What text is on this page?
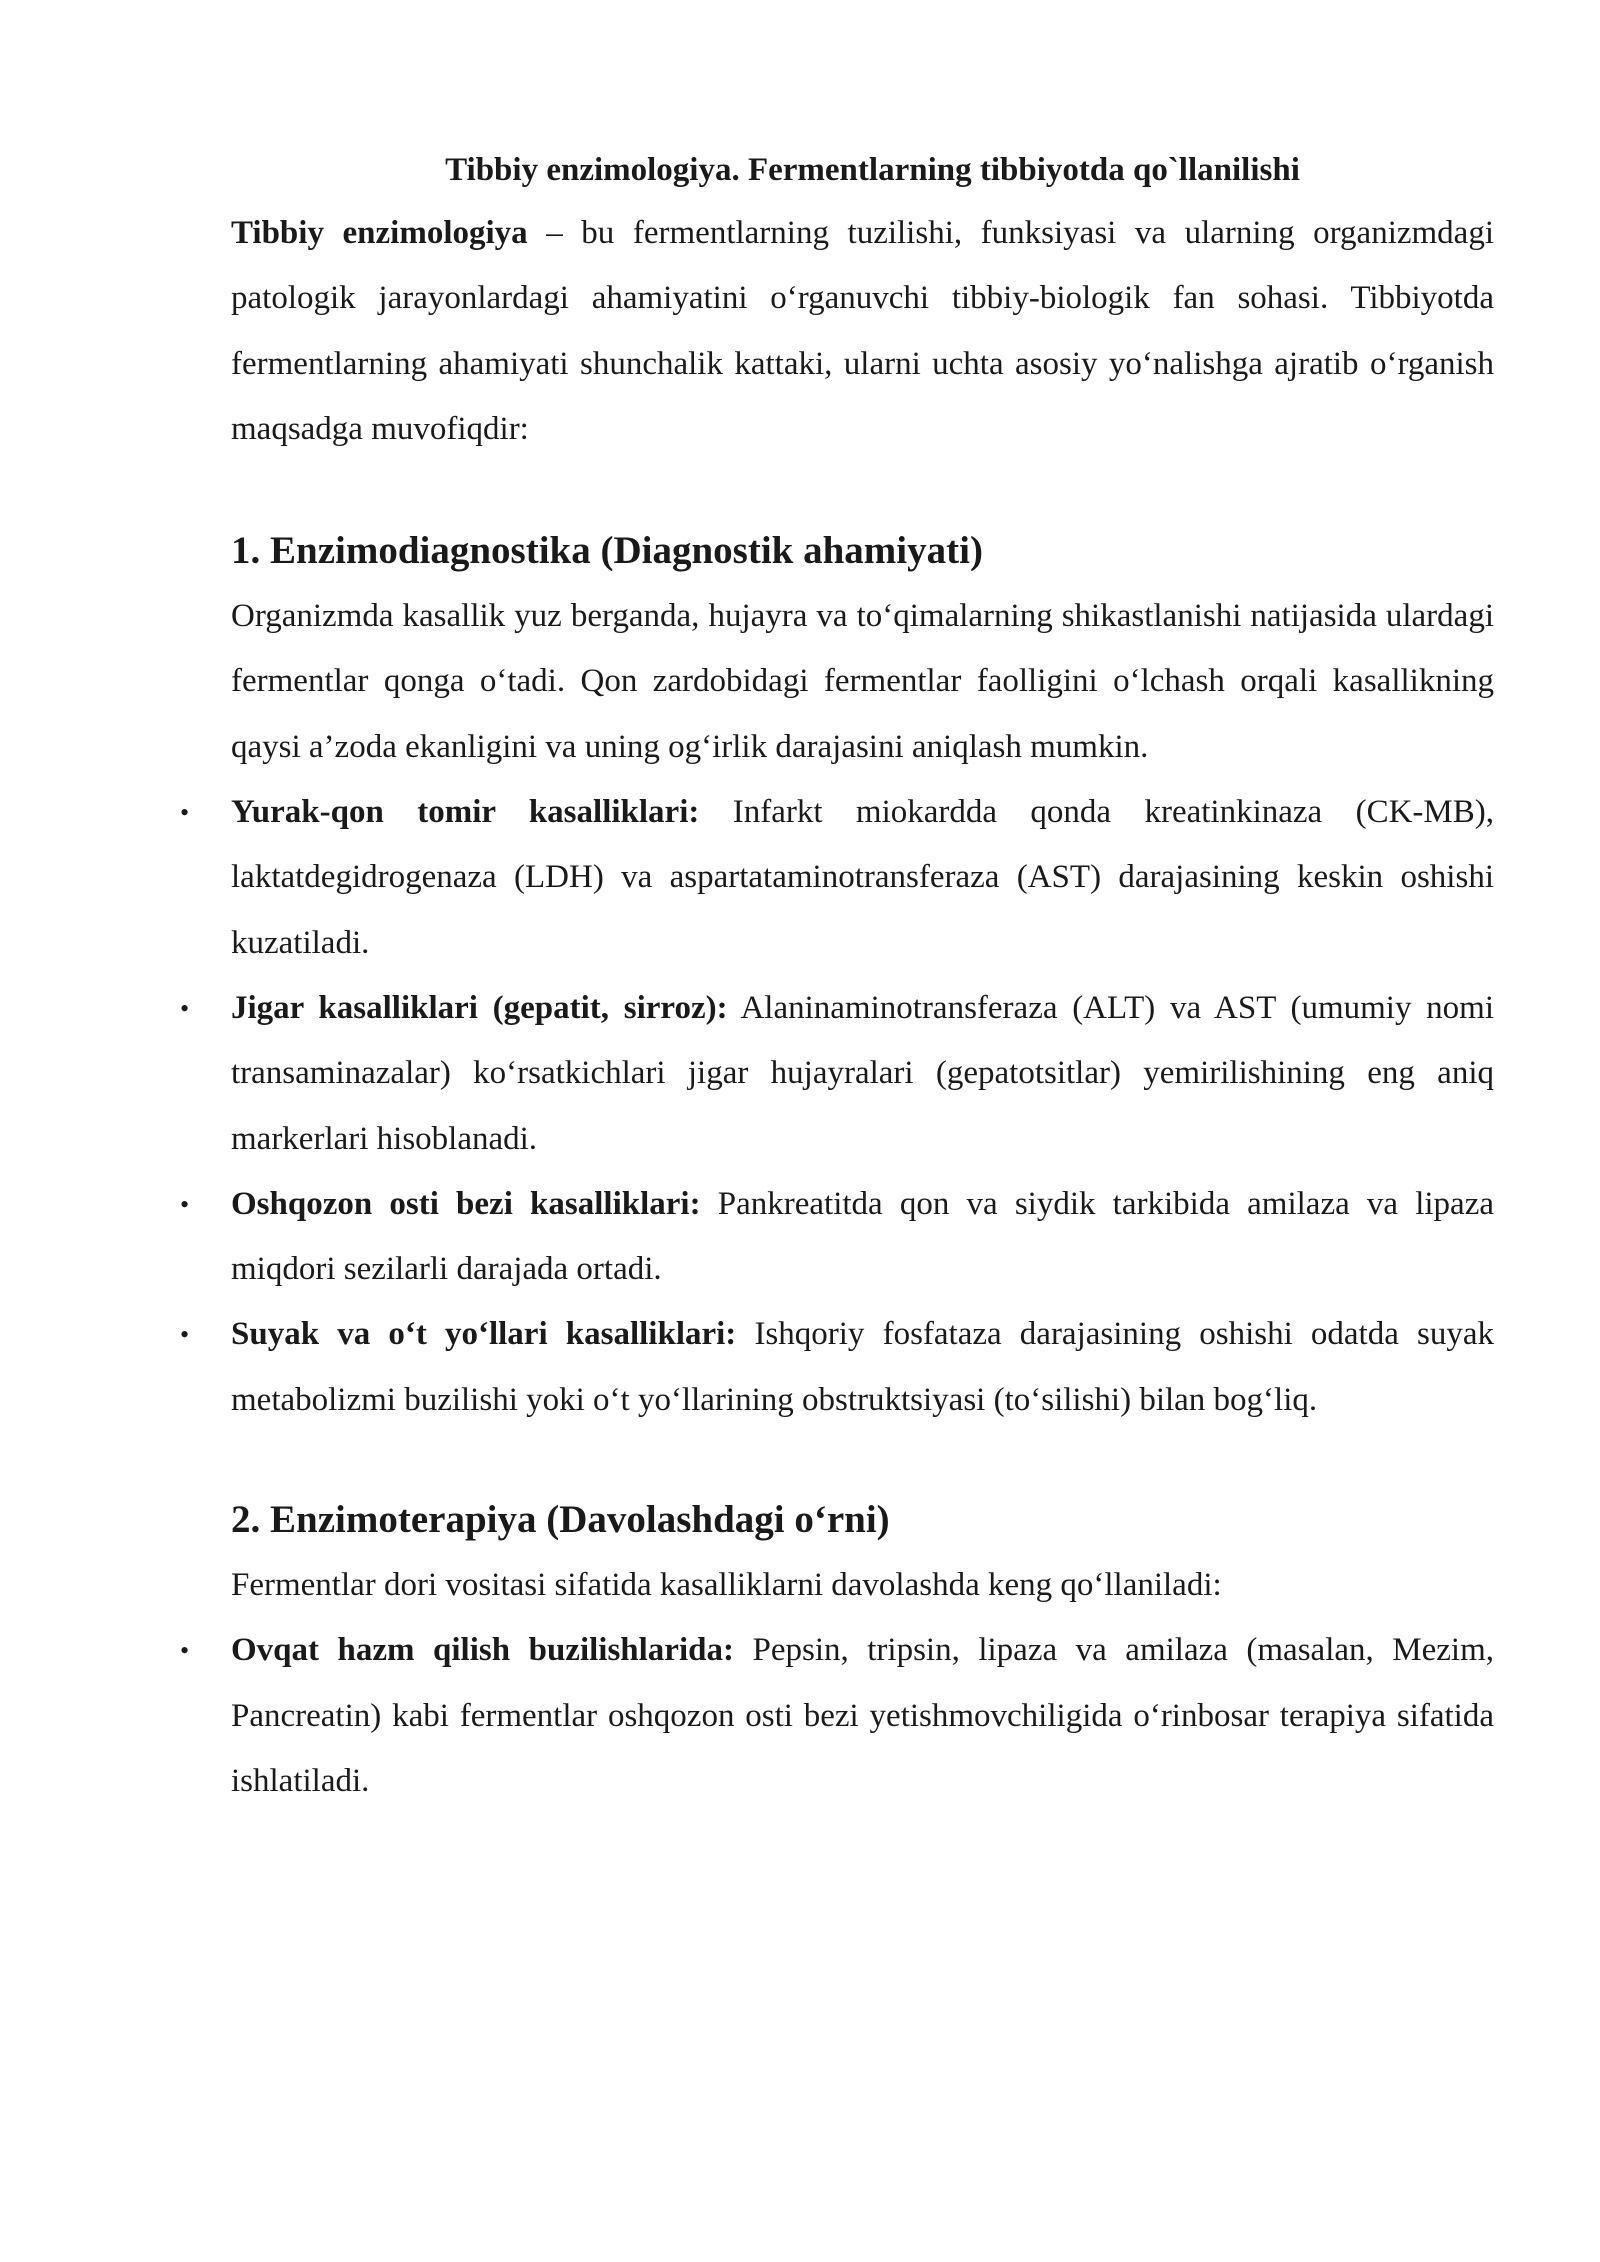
Tibbiy enzimologiya. Fermentlarning tibbiyotda qo`llanilishi

Tibbiy enzimologiya – bu fermentlarning tuzilishi, funksiyasi va ularning organizmdagi patologik jarayonlardagi ahamiyatini o‘rganuvchi tibbiy-biologik fan sohasi. Tibbiyotda fermentlarning ahamiyati shunchalik kattaki, ularni uchta asosiy yo‘nalishga ajratib o‘rganish maqsadga muvofiqdir:

1. Enzimodiagnostika (Diagnostik ahamiyati)

Organizmda kasallik yuz berganda, hujayra va to‘qimalarning shikastlanishi natijasida ulardagi fermentlar qonga o‘tadi. Qon zardobidagi fermentlar faolligini o‘lchash orqali kasallikning qaysi a’zoda ekanligini va uning og‘irlik darajasini aniqlash mumkin.

• Yurak-qon tomir kasalliklari: Infarkt miokardda qonda kreatinkinaza (CK-MB), laktatdegidrogenaza (LDH) va aspartataminotransferaza (AST) darajasining keskin oshishi kuzatiladi.
• Jigar kasalliklari (gepatit, sirroz): Alaninaminotransferaza (ALT) va AST (umumiy nomi transaminazalar) ko‘rsatkichlari jigar hujayralari (gepatotsitlar) yemirilishining eng aniq markerlari hisoblanadi.
• Oshqozon osti bezi kasalliklari: Pankreatitda qon va siydik tarkibida amilaza va lipaza miqdori sezilarli darajada ortadi.
• Suyak va o‘t yo‘llari kasalliklari: Ishqoriy fosfataza darajasining oshishi odatda suyak metabolizmi buzilishi yoki o‘t yo‘llarining obstruktsiyasi (to‘silishi) bilan bog‘liq.
2. Enzimoterapiya (Davolashdagi o‘rni)

Fermentlar dori vositasi sifatida kasalliklarni davolashda keng qo‘llaniladi:

• Ovqat hazm qilish buzilishlarida: Pepsin, tripsin, lipaza va amilaza (masalan, Mezim, Pancreatin) kabi fermentlar oshqozon osti bezi yetishmovchiligida o‘rinbosar terapiya sifatida ishlatiladi.
